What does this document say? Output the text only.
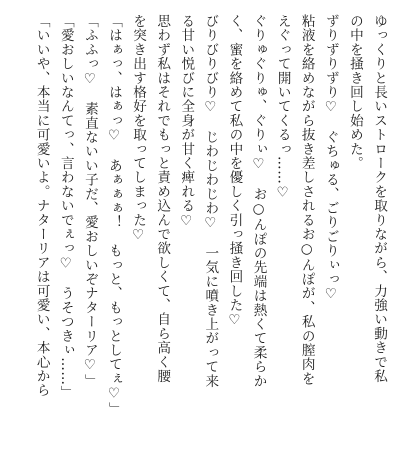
ゆっくりと長いストロークを取りながら、力強い動きで私
の中を掻き回し始めた。
ずりずりずり♡　ぐちゅる、ごりごりぃっ♡
粘液を絡めながら抜き差しされるお○んぽが、私の膣肉を
えぐって開いてくるっ……♡
ぐりゅぐりゅ、ぐりぃ♡　お○んぽの先端は熱くて柔らか
く、蜜を絡めて私の中を優しく引っ掻き回した♡
びりびりびり♡　じわじわじわ♡　一気に噴き上がって来
る甘い悦びに全身が甘く痺れる♡
思わず私はそれでもっと責め込んで欲しくて、自ら高く腰
を突き出す格好を取ってしまった♡
「はぁっ、はぁっ♡　あぁぁぁ！　もっと、もっとしてぇ♡」
「ふふっ♡　素直ないい子だ、愛おしいぞナターリア♡」
「愛おしいなんてっ、言わないでぇっ♡　うそつきぃ……」
「いいや、本当に可愛いよ。ナターリアは可愛い、本心から
